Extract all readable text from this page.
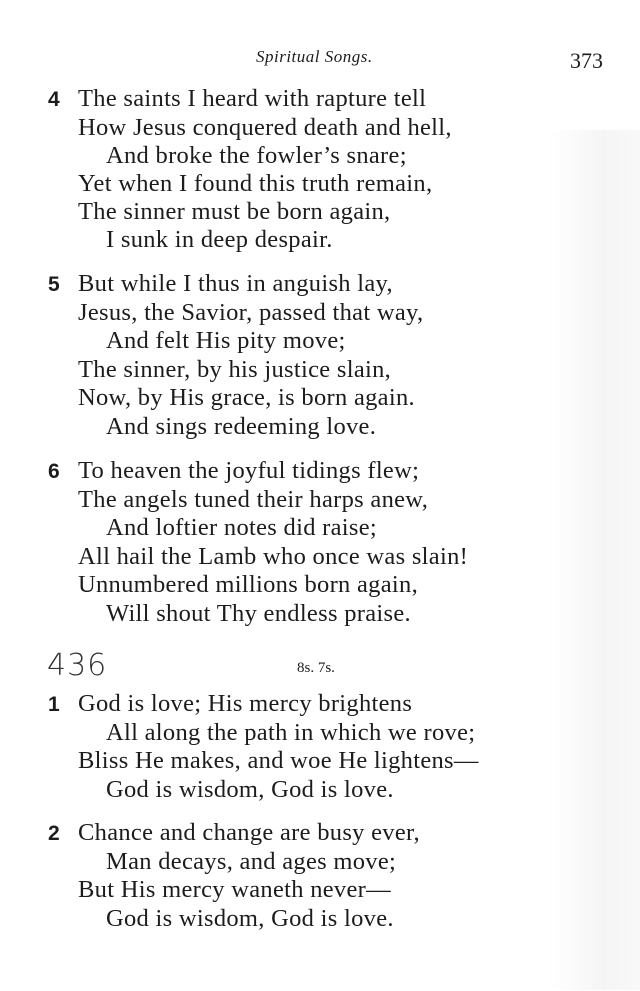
Spiritual Songs.	373
4 The saints I heard with rapture tell
How Jesus conquered death and hell,
And broke the fowler’s snare;
Yet when I found this truth remain,
The sinner must be born again,
I sunk in deep despair.
5 But while I thus in anguish lay,
Jesus, the Savior, passed that way,
And felt His pity move;
The sinner, by his justice slain,
Now, by His grace, is born again.
And sings redeeming love.
6 To heaven the joyful tidings flew;
The angels tuned their harps anew,
And loftier notes did raise;
All hail the Lamb who once was slain!
Unnumbered millions born again,
Will shout Thy endless praise.
436	8s. 7s.
1 God is love; His mercy brightens
All along the path in which we rove;
Bliss He makes, and woe He lightens—
God is wisdom, God is love.
2 Chance and change are busy ever,
Man decays, and ages move;
But His mercy waneth never—
God is wisdom, God is love.
